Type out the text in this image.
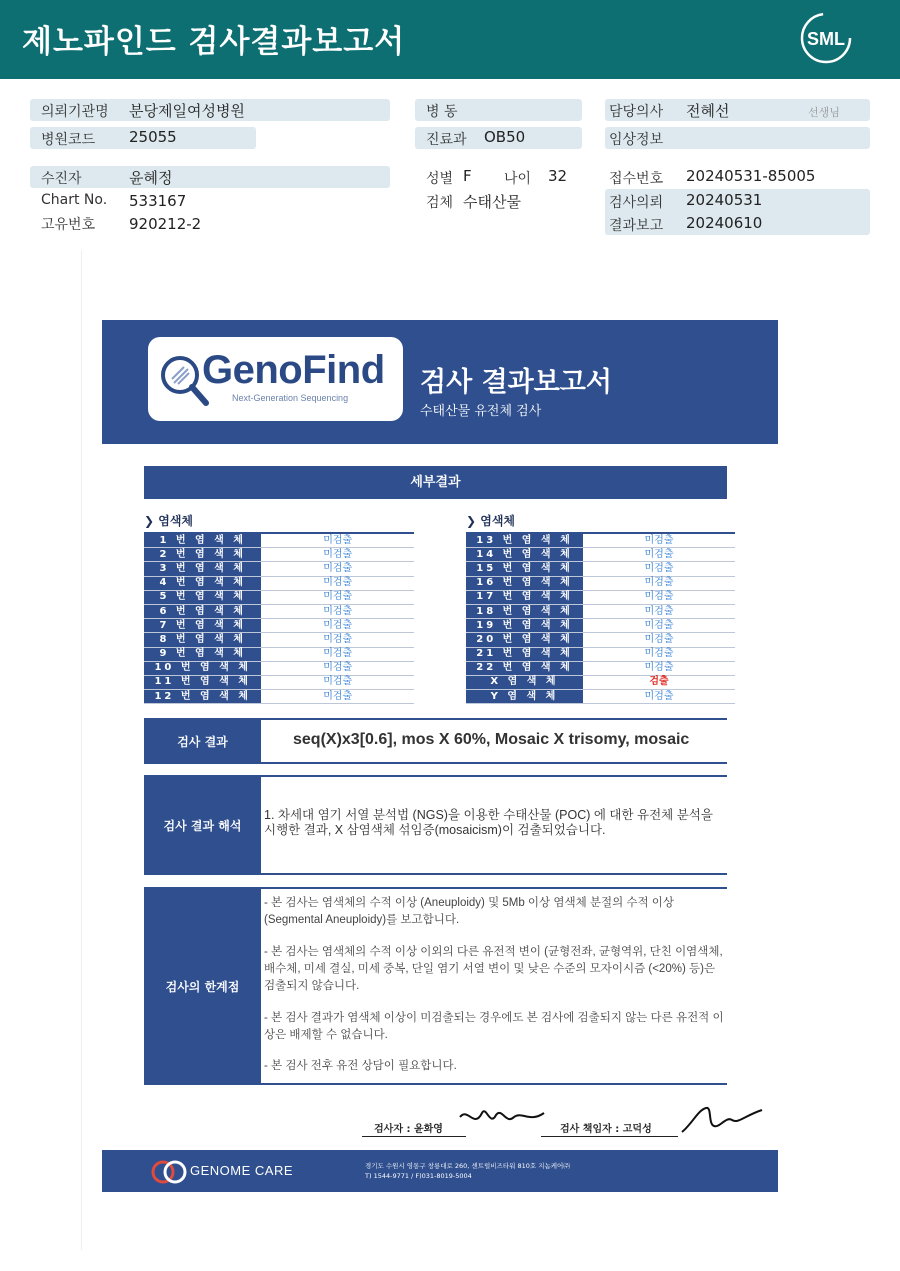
제노파인드 검사결과보고서	SML
의뢰기관명 분당제일여성병원
병원코드 25055
병 동
진료과 OB50
담당의사 전혜선	선생님
임상정보
수진자	윤혜정
Chart No. 533167
고유번호 920212-2
성별 F 나이 32
검체 수태산물
접수번호 20240531-85005
검사의뢰 20240531
결과보고 20240610
GenoFind
Next-Generation Sequencing	검사 결과보고서
수태산물 유전체 검사
세부결과
❯ 염색체	❯ 염색체
1 번 염 색 체	미검출
2 번 염 색 체	미검출
3 번 염 색 체	미검출
4 번 염 색 체	미검출
5 번 염 색 체	미검출
6 번 염 색 체	미검출
7 번 염 색 체	미검출
8 번 염 색 체	미검출
9 번 염 색 체	미검출
10 번 염 색 체	미검출
11 번 염 색 체	미검출
12 번 염 색 체	미검출
13 번 염 색 체	미검출
14 번 염 색 체	미검출
15 번 염 색 체	미검출
16 번 염 색 체	미검출
17 번 염 색 체	미검출
18 번 염 색 체	미검출
19 번 염 색 체	미검출
20 번 염 색 체	미검출
21 번 염 색 체	미검출
22 번 염 색 체	미검출
X 염 색 체	검출
Y 염 색 체	미검출
검사 결과	seq(X)x3[0.6], mos X 60%, Mosaic X trisomy, mosaic
검사 결과 해석
1. 차세대 염기 서열 분석법 (NGS)을 이용한 수태산물 (POC) 에 대한 유전체 분석을 시행한 결과, X 삼염색체 섞임증(mosaicism)이 검출되었습니다.
검사의 한계점
- 본 검사는 염색체의 수적 이상 (Aneuploidy) 및 5Mb 이상 염색체 분절의 수적 이상 (Segmental Aneuploidy)를 보고합니다.
- 본 검사는 염색체의 수적 이상 이외의 다른 유전적 변이 (균형전좌, 균형역위, 단친 이염색체, 배수체, 미세 결실, 미세 중복, 단일 염기 서열 변이 및 낮은 수준의 모자이시즘 (<20%) 등)은 검출되지 않습니다.
- 본 검사 결과가 염색체 이상이 미검출되는 경우에도 본 검사에 검출되지 않는 다른 유전적 이상은 배제할 수 없습니다.
- 본 검사 전후 유전 상담이 필요합니다.
검사자 : 윤화영	검사 책임자 : 고덕성
GENOME CARE	경기도 수원시 영통구 창룡대로 260, 센트럴비즈타워 810호 지놈케어㈜
T) 1544-9771 / F)031-8019-5004
